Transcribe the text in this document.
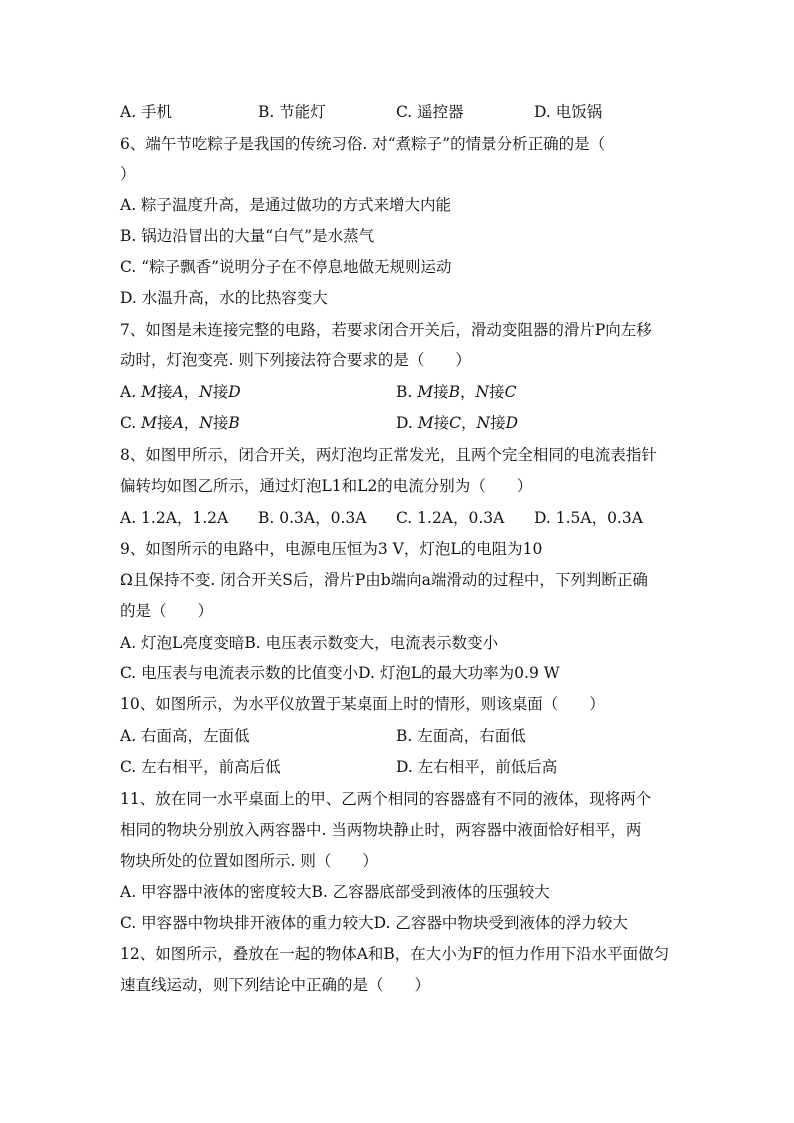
A. 手机	B. 节能灯	C. 遥控器	D. 电饭锅
6、端午节吃粽子是我国的传统习俗. 对“煮粽子”的情景分析正确的是（
）
A. 粽子温度升高，是通过做功的方式来增大内能
B. 锅边沿冒出的大量“白气”是水蒸气
C. “粽子飘香”说明分子在不停息地做无规则运动
D. 水温升高，水的比热容变大
7、如图是未连接完整的电路，若要求闭合开关后，滑动变阻器的滑片P向左移
动时，灯泡变亮. 则下列接法符合要求的是（　　）
A. M接A，N接D	B. M接B，N接C
C. M接A，N接B	D. M接C，N接D
8、如图甲所示，闭合开关，两灯泡均正常发光，且两个完全相同的电流表指针
偏转均如图乙所示，通过灯泡L1和L2的电流分别为（　　）
A. 1.2A，1.2A B. 0.3A，0.3A C. 1.2A，0.3A D. 1.5A，0.3A
9、如图所示的电路中，电源电压恒为3 V，灯泡L的电阻为10
Ω且保持不变. 闭合开关S后，滑片P由b端向a端滑动的过程中，下列判断正确
的是（　　）
A. 灯泡L亮度变暗B. 电压表示数变大，电流表示数变小
C. 电压表与电流表示数的比值变小D. 灯泡L的最大功率为0.9 W
10、如图所示，为水平仪放置于某桌面上时的情形，则该桌面（　　）
A. 右面高，左面低	B. 左面高，右面低
C. 左右相平，前高后低	D. 左右相平，前低后高
11、放在同一水平桌面上的甲、乙两个相同的容器盛有不同的液体，现将两个
相同的物块分别放入两容器中. 当两物块静止时，两容器中液面恰好相平，两
物块所处的位置如图所示. 则（　　）
A. 甲容器中液体的密度较大B. 乙容器底部受到液体的压强较大
C. 甲容器中物块排开液体的重力较大D. 乙容器中物块受到液体的浮力较大
12、如图所示，叠放在一起的物体A和B，在大小为F的恒力作用下沿水平面做匀
速直线运动，则下列结论中正确的是（　　）
